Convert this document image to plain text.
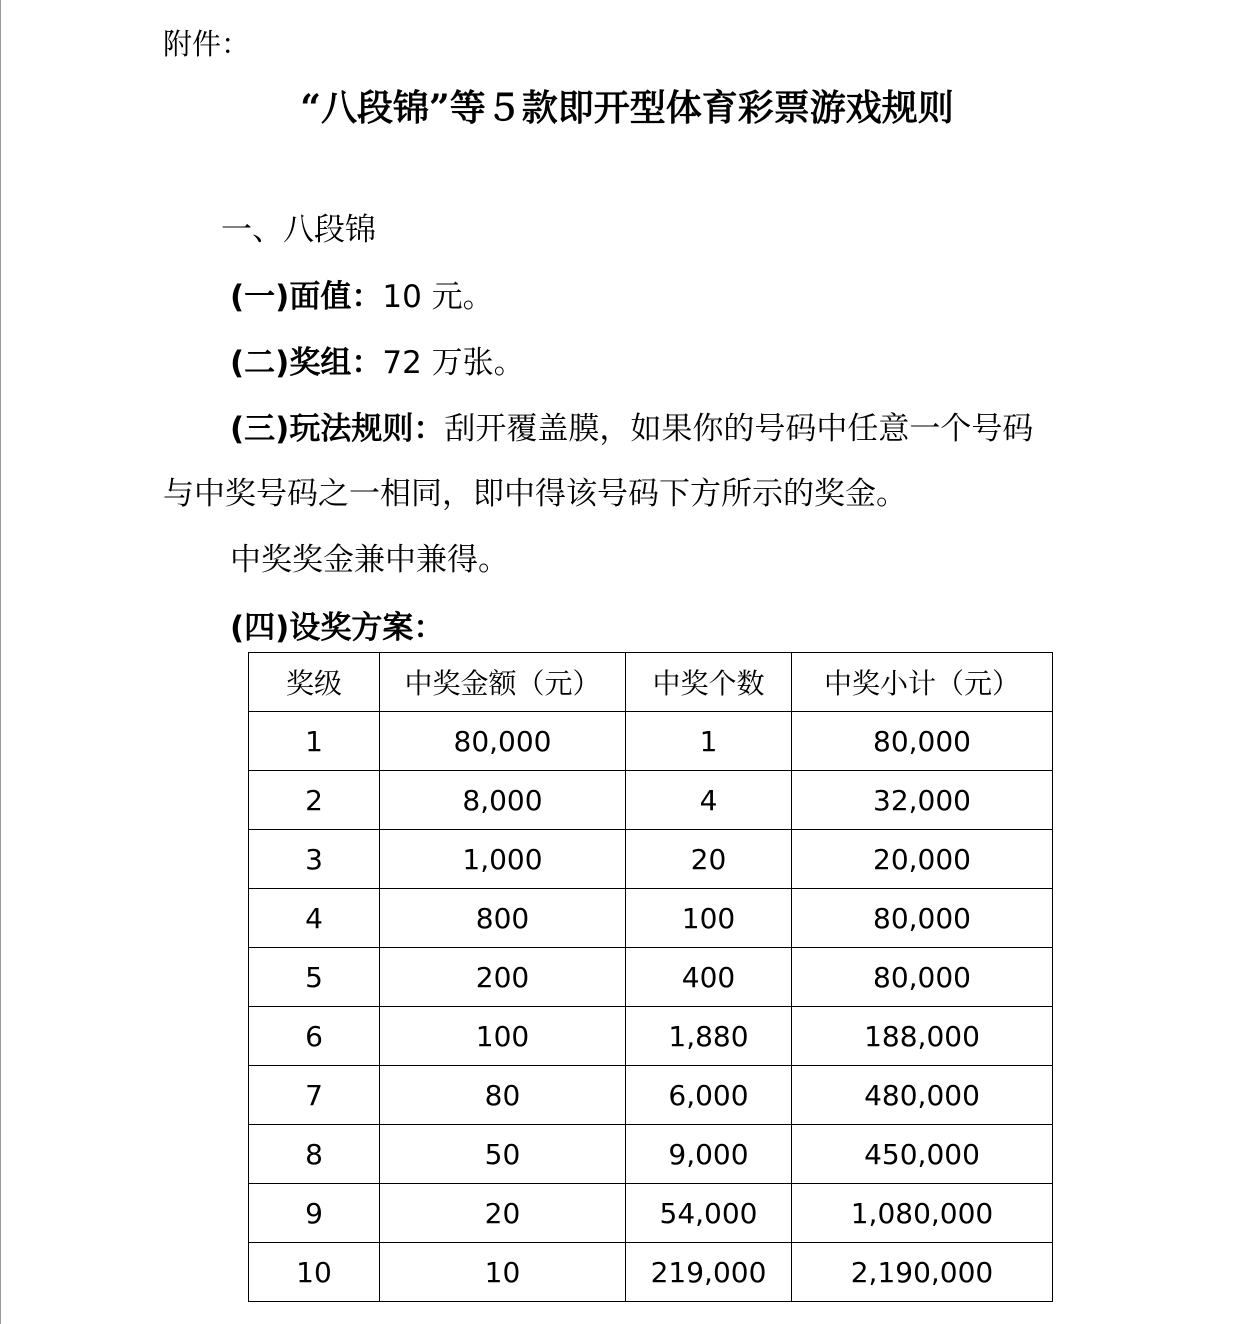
附件：
“八段锦”等５款即开型体育彩票游戏规则
一、八段锦
(一)面值：10 元。
(二)奖组：72 万张。
(三)玩法规则：刮开覆盖膜，如果你的号码中任意一个号码
与中奖号码之一相同，即中得该号码下方所示的奖金。
中奖奖金兼中兼得。
(四)设奖方案：
奖级	中奖金额（元）	中奖个数	中奖小计（元）
1	80,000	1	80,000
2	8,000	4	32,000
3	1,000	20	20,000
4	800	100	80,000
5	200	400	80,000
6	100	1,880	188,000
7	80	6,000	480,000
8	50	9,000	450,000
9	20	54,000	1,080,000
10	10	219,000	2,190,000
